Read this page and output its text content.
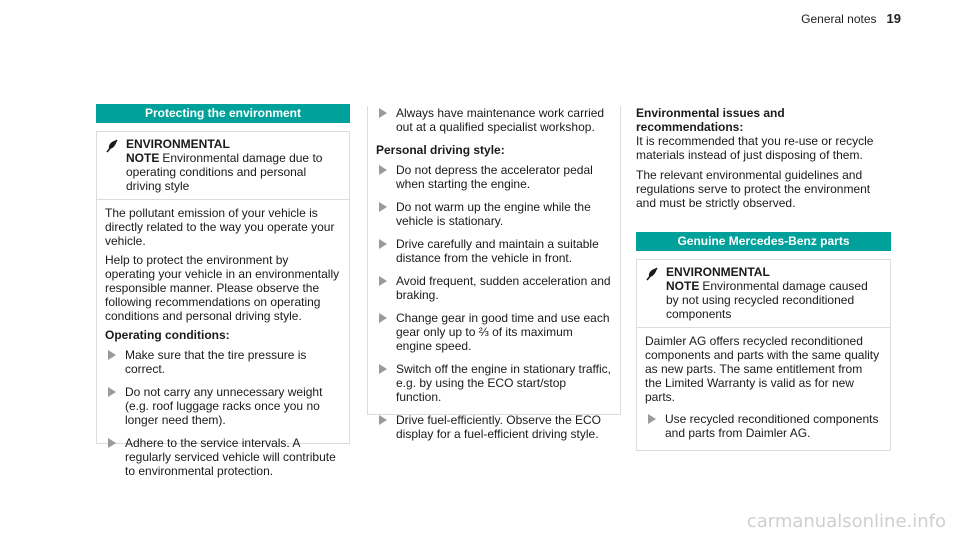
General notes 19
Protecting the environment
ENVIRONMENTAL NOTE Environmental damage due to operating conditions and personal driving style

The pollutant emission of your vehicle is directly related to the way you operate your vehicle.

Help to protect the environment by operating your vehicle in an environmentally responsible manner. Please observe the following recommendations on operating conditions and personal driving style.

Operating conditions:

Make sure that the tire pressure is correct.
Do not carry any unnecessary weight (e.g. roof luggage racks once you no longer need them).
Adhere to the service intervals. A regularly serviced vehicle will contribute to environmental protection.
Always have maintenance work carried out at a qualified specialist workshop.

Personal driving style:

Do not depress the accelerator pedal when starting the engine.
Do not warm up the engine while the vehicle is stationary.
Drive carefully and maintain a suitable distance from the vehicle in front.
Avoid frequent, sudden acceleration and braking.
Change gear in good time and use each gear only up to ⅔ of its maximum engine speed.
Switch off the engine in stationary traffic, e.g. by using the ECO start/stop function.
Drive fuel-efficiently. Observe the ECO display for a fuel-efficient driving style.

Environmental issues and recommendations:

It is recommended that you re-use or recycle materials instead of just disposing of them.

The relevant environmental guidelines and regulations serve to protect the environment and must be strictly observed.

Genuine Mercedes-Benz parts
ENVIRONMENTAL NOTE Environmental damage caused by not using recycled reconditioned components

Daimler AG offers recycled reconditioned components and parts with the same quality as new parts. The same entitlement from the Limited Warranty is valid as for new parts.

Use recycled reconditioned components and parts from Daimler AG.
carmanualsonline.info
